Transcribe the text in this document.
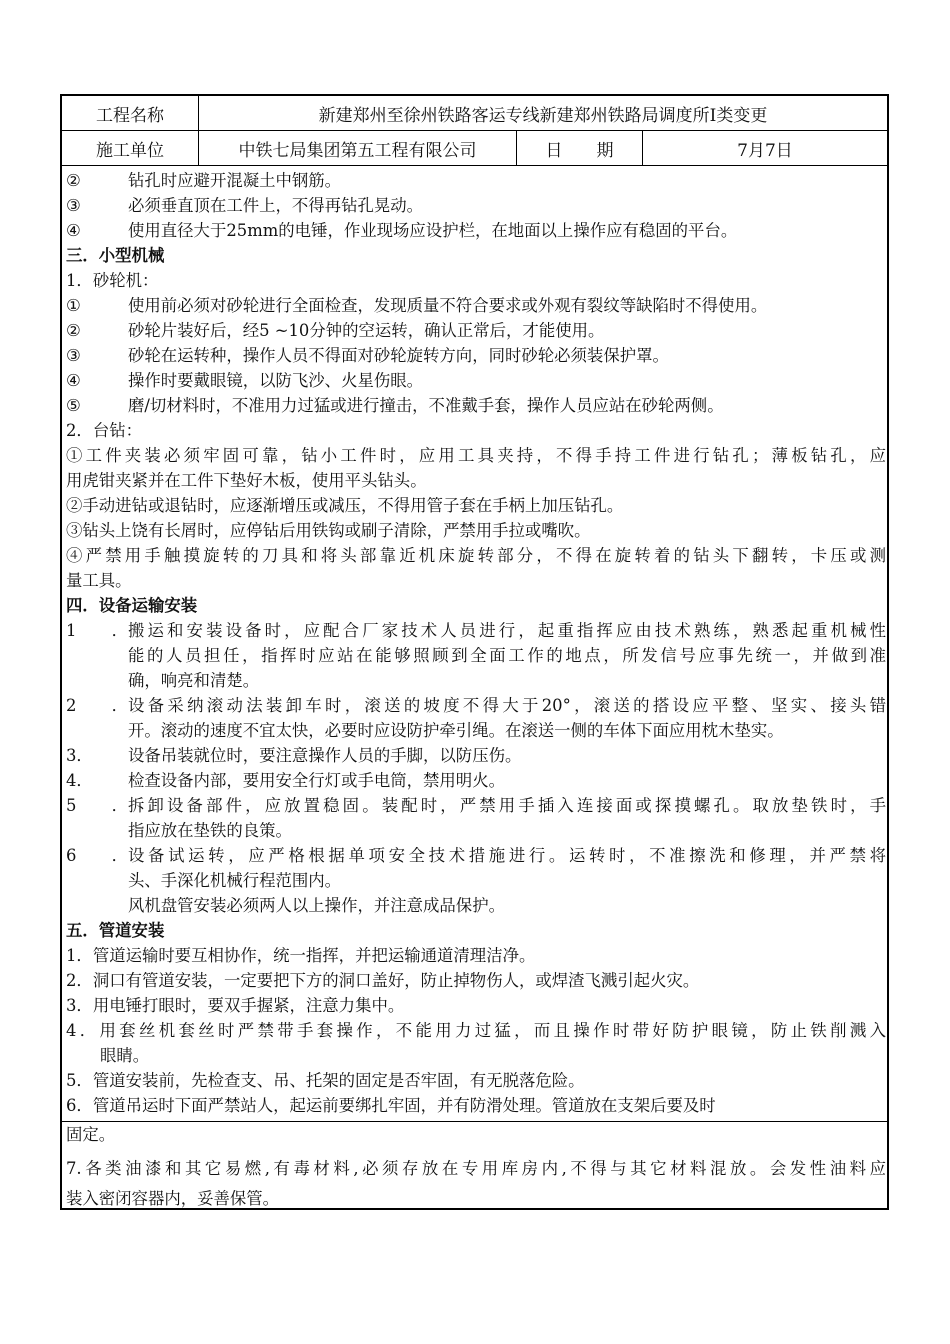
工程名称	新建郑州至徐州铁路客运专线新建郑州铁路局调度所Ⅰ类变更
施工单位	中铁七局集团第五工程有限公司	日　　期	7月7日
②	钻孔时应避开混凝土中钢筋。
③	必须垂直顶在工件上，不得再钻孔晃动。
④	使用直径大于25mm的电锤，作业现场应设护栏，在地面以上操作应有稳固的平台。
三．小型机械
1．砂轮机：
①	使用前必须对砂轮进行全面检查，发现质量不符合要求或外观有裂纹等缺陷时不得使用。
②	砂轮片装好后，经5 ~10分钟的空运转，确认正常后，才能使用。
③	砂轮在运转种，操作人员不得面对砂轮旋转方向，同时砂轮必须装保护罩。
④	操作时要戴眼镜，以防飞沙、火星伤眼。
⑤	磨/切材料时，不准用力过猛或进行撞击，不准戴手套，操作人员应站在砂轮两侧。
2．台钻：
①工件夹装必须牢固可靠，钻小工件时，应用工具夹持，不得手持工件进行钻孔；薄板钻孔，应
用虎钳夹紧并在工件下垫好木板，使用平头钻头。
②手动进钻或退钻时，应逐渐增压或减压，不得用管子套在手柄上加压钻孔。
③钻头上饶有长屑时，应停钻后用铁钩或刷子清除，严禁用手拉或嘴吹。
④严禁用手触摸旋转的刀具和将头部靠近机床旋转部分，不得在旋转着的钻头下翻转，卡压或测
量工具。
四．设备运输安装
1． 搬运和安装设备时，应配合厂家技术人员进行，起重指挥应由技术熟练，熟悉起重机械性
能的人员担任，指挥时应站在能够照顾到全面工作的地点，所发信号应事先统一，并做到准
确，响亮和清楚。
2． 设备采纳滚动法装卸车时，滚送的坡度不得大于20°，滚送的搭设应平整、坚实、接头错
开。滚动的速度不宜太快，必要时应设防护牵引绳。在滚送一侧的车体下面应用枕木垫实。
3． 设备吊装就位时，要注意操作人员的手脚，以防压伤。
4． 检查设备内部，要用安全行灯或手电筒，禁用明火。
5． 拆卸设备部件，应放置稳固。装配时，严禁用手插入连接面或探摸螺孔。取放垫铁时，手
指应放在垫铁的良策。
6． 设备试运转，应严格根据单项安全技术措施进行。运转时，不准擦洗和修理，并严禁将
头、手深化机械行程范围内。
风机盘管安装必须两人以上操作，并注意成品保护。
五．管道安装
1．管道运输时要互相协作，统一指挥，并把运输通道清理洁净。
2．洞口有管道安装，一定要把下方的洞口盖好，防止掉物伤人，或焊渣飞溅引起火灾。
3．用电锤打眼时，要双手握紧，注意力集中。
4．用套丝机套丝时严禁带手套操作，不能用力过猛，而且操作时带好防护眼镜，防止铁削溅入
眼睛。
5．管道安装前，先检查支、吊、托架的固定是否牢固，有无脱落危险。
6．管道吊运时下面严禁站人，起运前要绑扎牢固，并有防滑处理。管道放在支架后要及时
固定。
7.各类油漆和其它易燃,有毒材料,必须存放在专用库房内,不得与其它材料混放。会发性油料应
装入密闭容器内，妥善保管。
